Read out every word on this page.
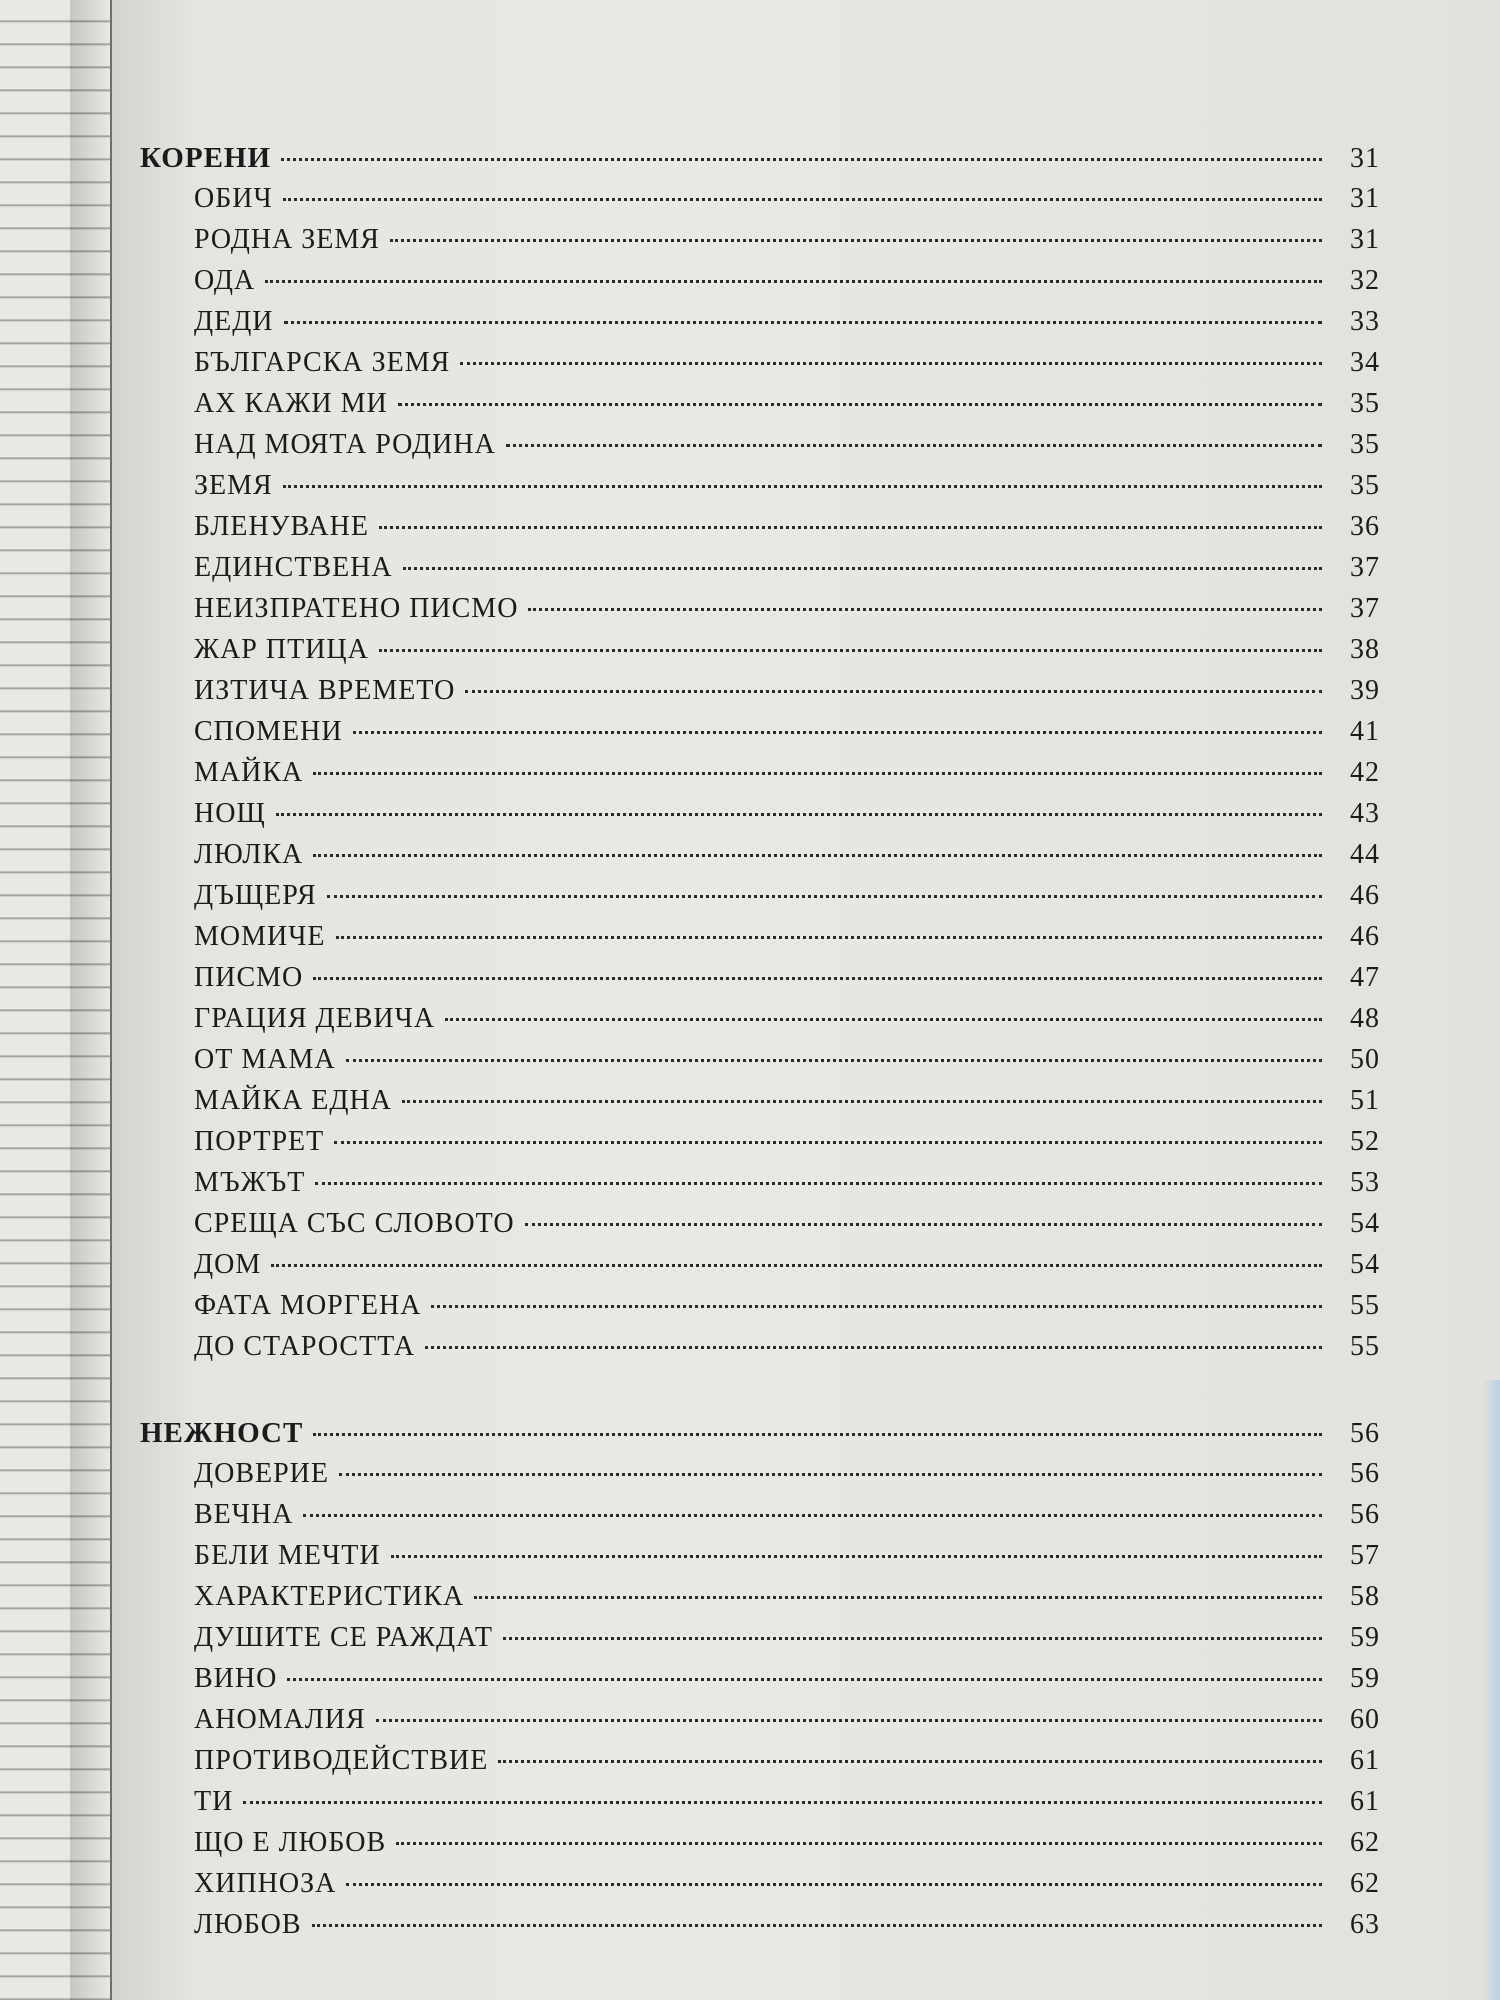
КОРЕНИ	31
ОБИЧ	31
РОДНА ЗЕМЯ	31
ОДА	32
ДЕДИ	33
БЪЛГАРСКА ЗЕМЯ	34
АХ КАЖИ МИ	35
НАД МОЯТА РОДИНА	35
ЗЕМЯ	35
БЛЕНУВАНЕ	36
ЕДИНСТВЕНА	37
НЕИЗПРАТЕНО ПИСМО	37
ЖАР ПТИЦА	38
ИЗТИЧА ВРЕМЕТО	39
СПОМЕНИ	41
МАЙКА	42
НОЩ	43
ЛЮЛКА	44
ДЪЩЕРЯ	46
МОМИЧЕ	46
ПИСМО	47
ГРАЦИЯ ДЕВИЧА	48
ОТ МАМА	50
МАЙКА ЕДНА	51
ПОРТРЕТ	52
МЪЖЪТ	53
СРЕЩА СЪС СЛОВОТО	54
ДОМ	54
ФАТА МОРГЕНА	55
ДО СТАРОСТТА	55
НЕЖНОСТ	56
ДОВЕРИЕ	56
ВЕЧНА	56
БЕЛИ МЕЧТИ	57
ХАРАКТЕРИСТИКА	58
ДУШИТЕ СЕ РАЖДАТ	59
ВИНО	59
АНОМАЛИЯ	60
ПРОТИВОДЕЙСТВИЕ	61
ТИ	61
ЩО Е ЛЮБОВ	62
ХИПНОЗА	62
ЛЮБОВ	63
